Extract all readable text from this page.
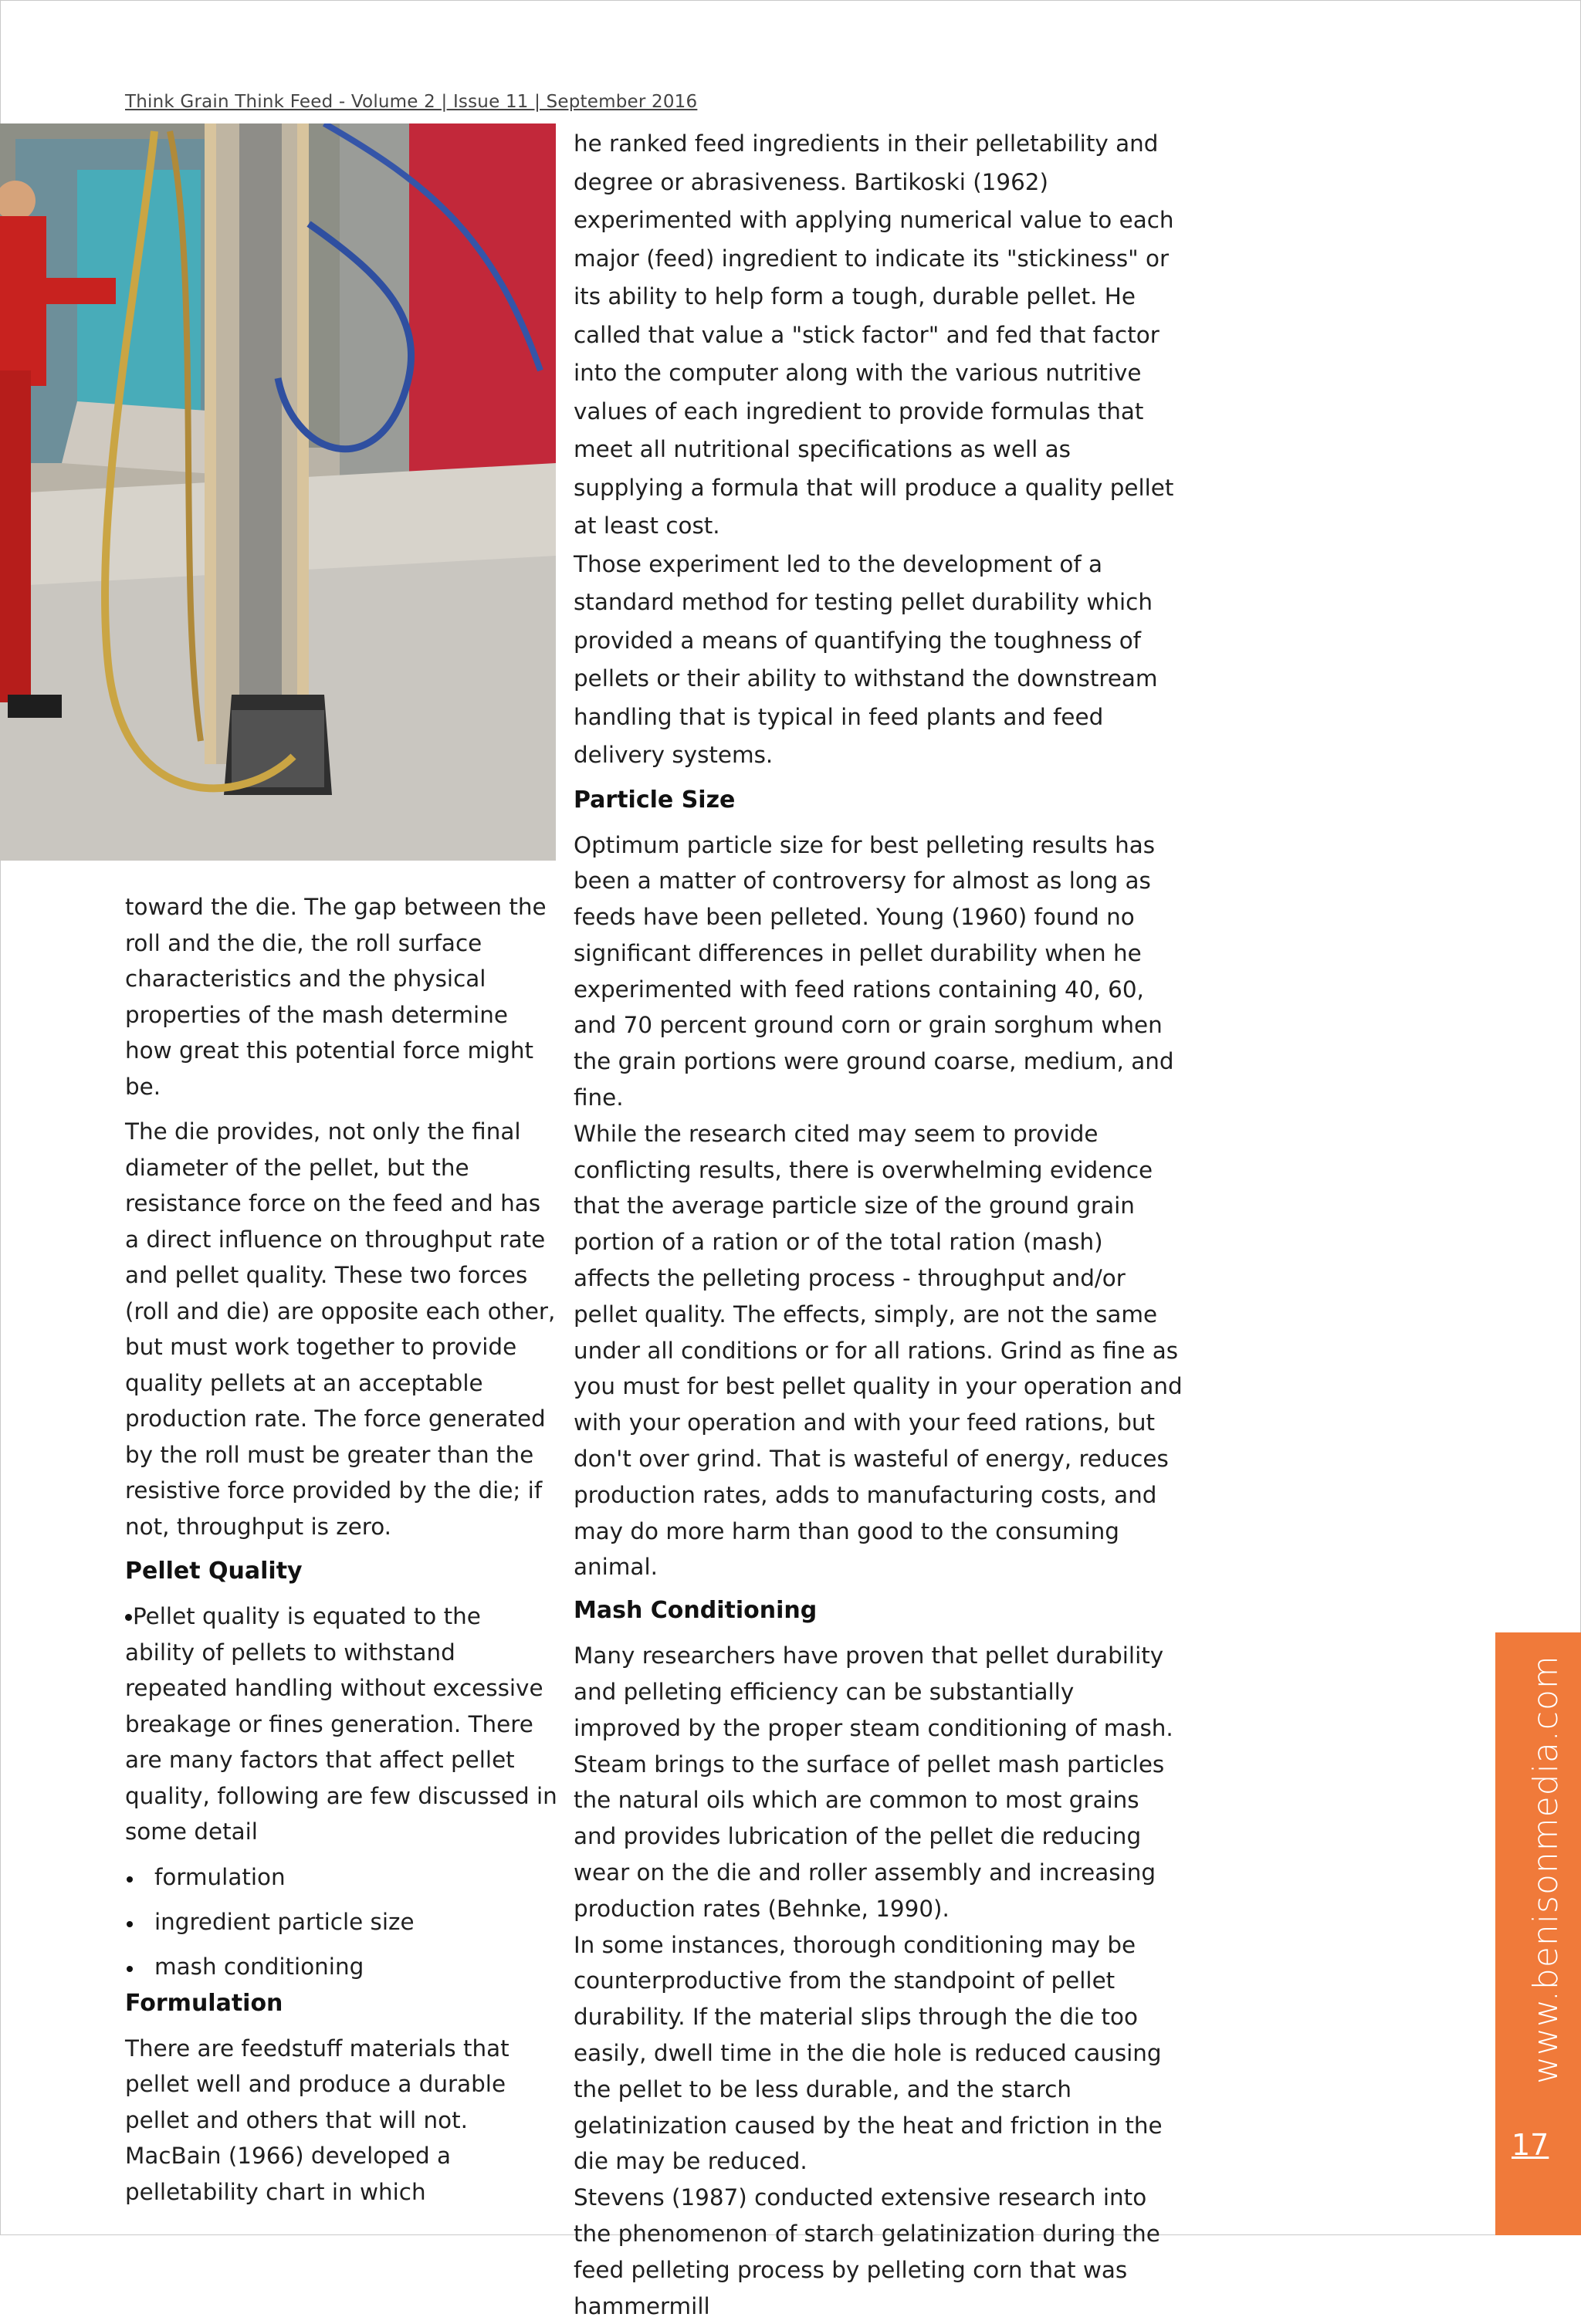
Think Grain Think Feed - Volume 2 | Issue 11 | September 2016

toward the die. The gap between the roll and the die, the roll surface characteristics and the physical properties of the mash determine how great this potential force might be.

The die provides, not only the final diameter of the pellet, but the resistance force on the feed and has a direct influence on throughput rate and pellet quality. These two forces (roll and die) are opposite each other, but must work together to provide quality pellets at an acceptable production rate. The force generated by the roll must be greater than the resistive force provided by the die; if not, throughput is zero.

Pellet Quality

Pellet quality is equated to the ability of pellets to withstand repeated handling without excessive breakage or fines generation. There are many factors that affect pellet quality, following are few discussed in some detail

formulation
ingredient particle size
mash conditioning
Formulation

There are feedstuff materials that pellet well and produce a durable pellet and others that will not. MacBain (1966) developed a pelletability chart in which

he ranked feed ingredients in their pelletability and degree or abrasiveness. Bartikoski (1962) experimented with applying numerical value to each major (feed) ingredient to indicate its "stickiness" or its ability to help form a tough, durable pellet. He called that value a "stick factor" and fed that factor into the computer along with the various nutritive values of each ingredient to provide formulas that meet all nutritional specifications as well as supplying a formula that will produce a quality pellet at least cost.

Those experiment led to the development of a standard method for testing pellet durability which provided a means of quantifying the toughness of pellets or their ability to withstand the downstream handling that is typical in feed plants and feed delivery systems.

Particle Size

Optimum particle size for best pelleting results has been a matter of controversy for almost as long as feeds have been pelleted. Young (1960) found no significant differences in pellet durability when he experimented with feed rations containing 40, 60, and 70 percent ground corn or grain sorghum when the grain portions were ground coarse, medium, and fine.

While the research cited may seem to provide conflicting results, there is overwhelming evidence that the average particle size of the ground grain portion of a ration or of the total ration (mash) affects the pelleting process - throughput and/or pellet quality. The effects, simply, are not the same under all conditions or for all rations. Grind as fine as you must for best pellet quality in your operation and with your operation and with your feed rations, but don't over grind. That is wasteful of energy, reduces production rates, adds to manufacturing costs, and may do more harm than good to the consuming animal.

Mash Conditioning

Many researchers have proven that pellet durability and pelleting efficiency can be substantially improved by the proper steam conditioning of mash. Steam brings to the surface of pellet mash particles the natural oils which are common to most grains and provides lubrication of the pellet die reducing wear on the die and roller assembly and increasing production rates (Behnke, 1990).

In some instances, thorough conditioning may be counterproductive from the standpoint of pellet durability. If the material slips through the die too easily, dwell time in the die hole is reduced causing the pellet to be less durable, and the starch gelatinization caused by the heat and friction in the die may be reduced.

Stevens (1987) conducted extensive research into the phenomenon of starch gelatinization during the feed pelleting process by pelleting corn that was hammermill

www.benisonmedia.com
17
